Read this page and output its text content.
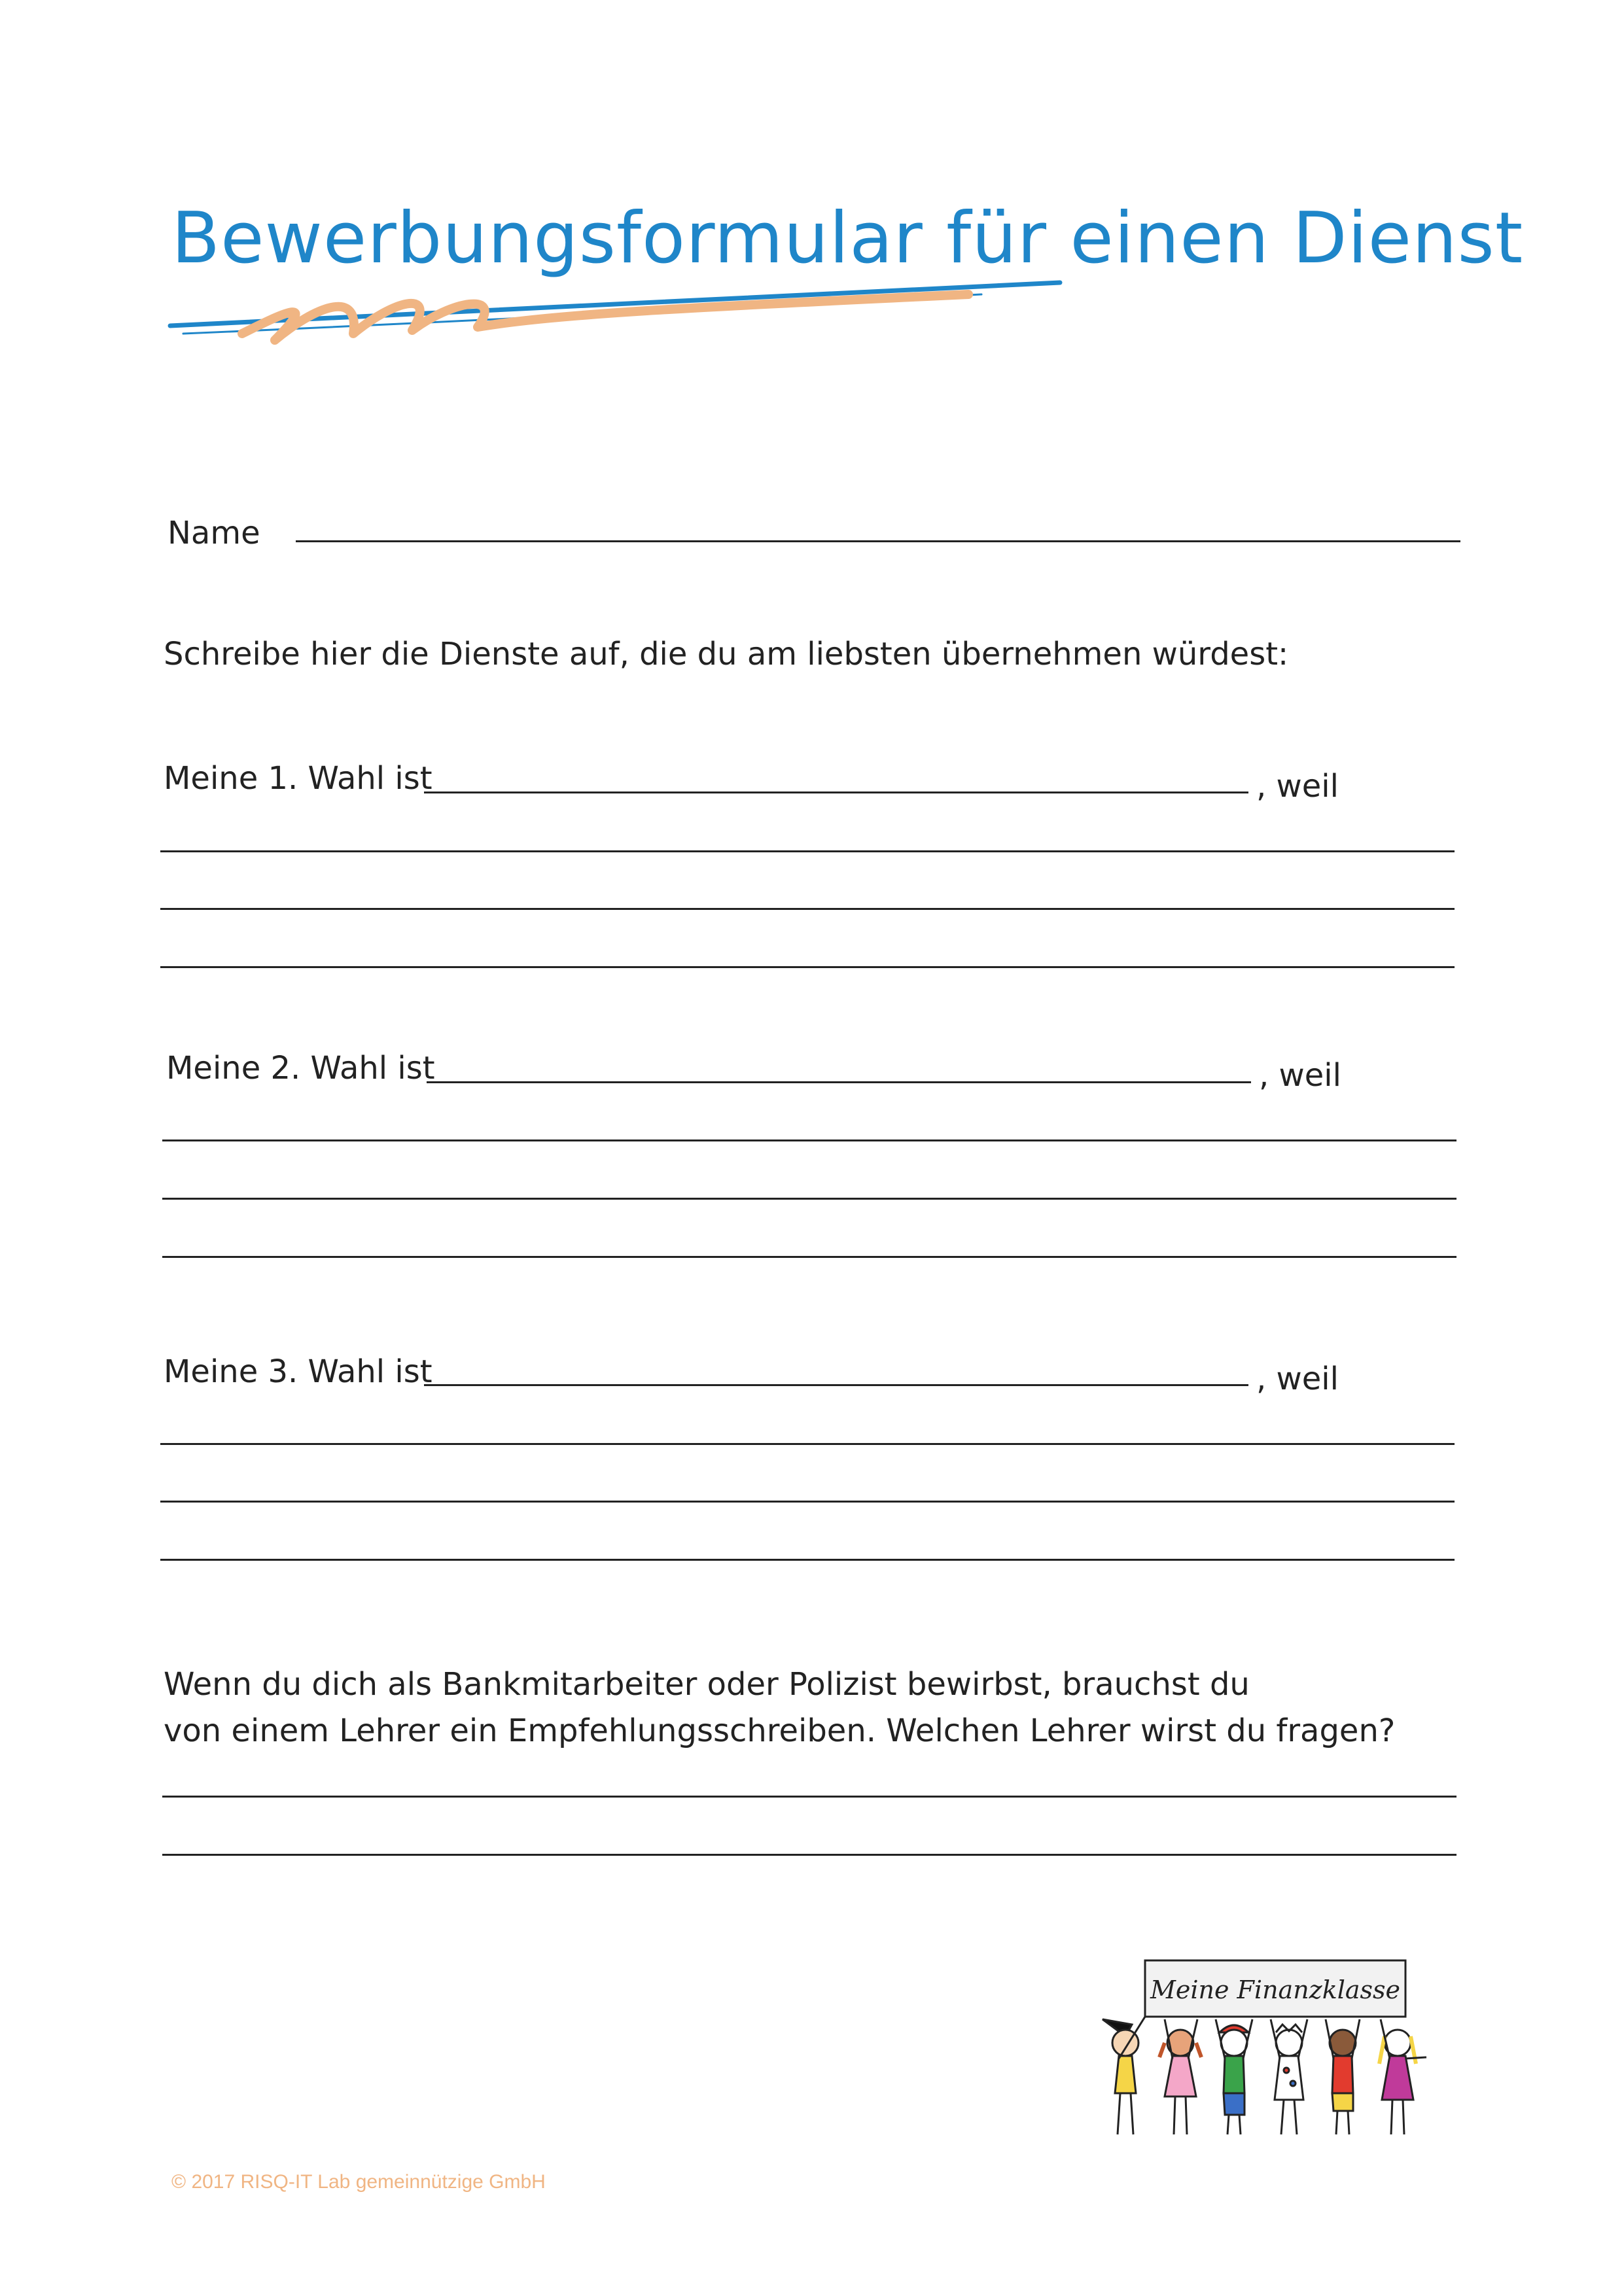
Bewerbungsformular für einen Dienst
Name
Schreibe hier die Dienste auf, die du am liebsten übernehmen würdest:
Meine 1. Wahl ist	, weil
Meine 2. Wahl ist	, weil
Meine 3. Wahl ist	, weil
Wenn du dich als Bankmitarbeiter oder Polizist bewirbst, brauchst du
von einem Lehrer ein Empfehlungsschreiben. Welchen Lehrer wirst du fragen?
Meine Finanzklasse
© 2017 RISQ-IT Lab gemeinnützige GmbH
